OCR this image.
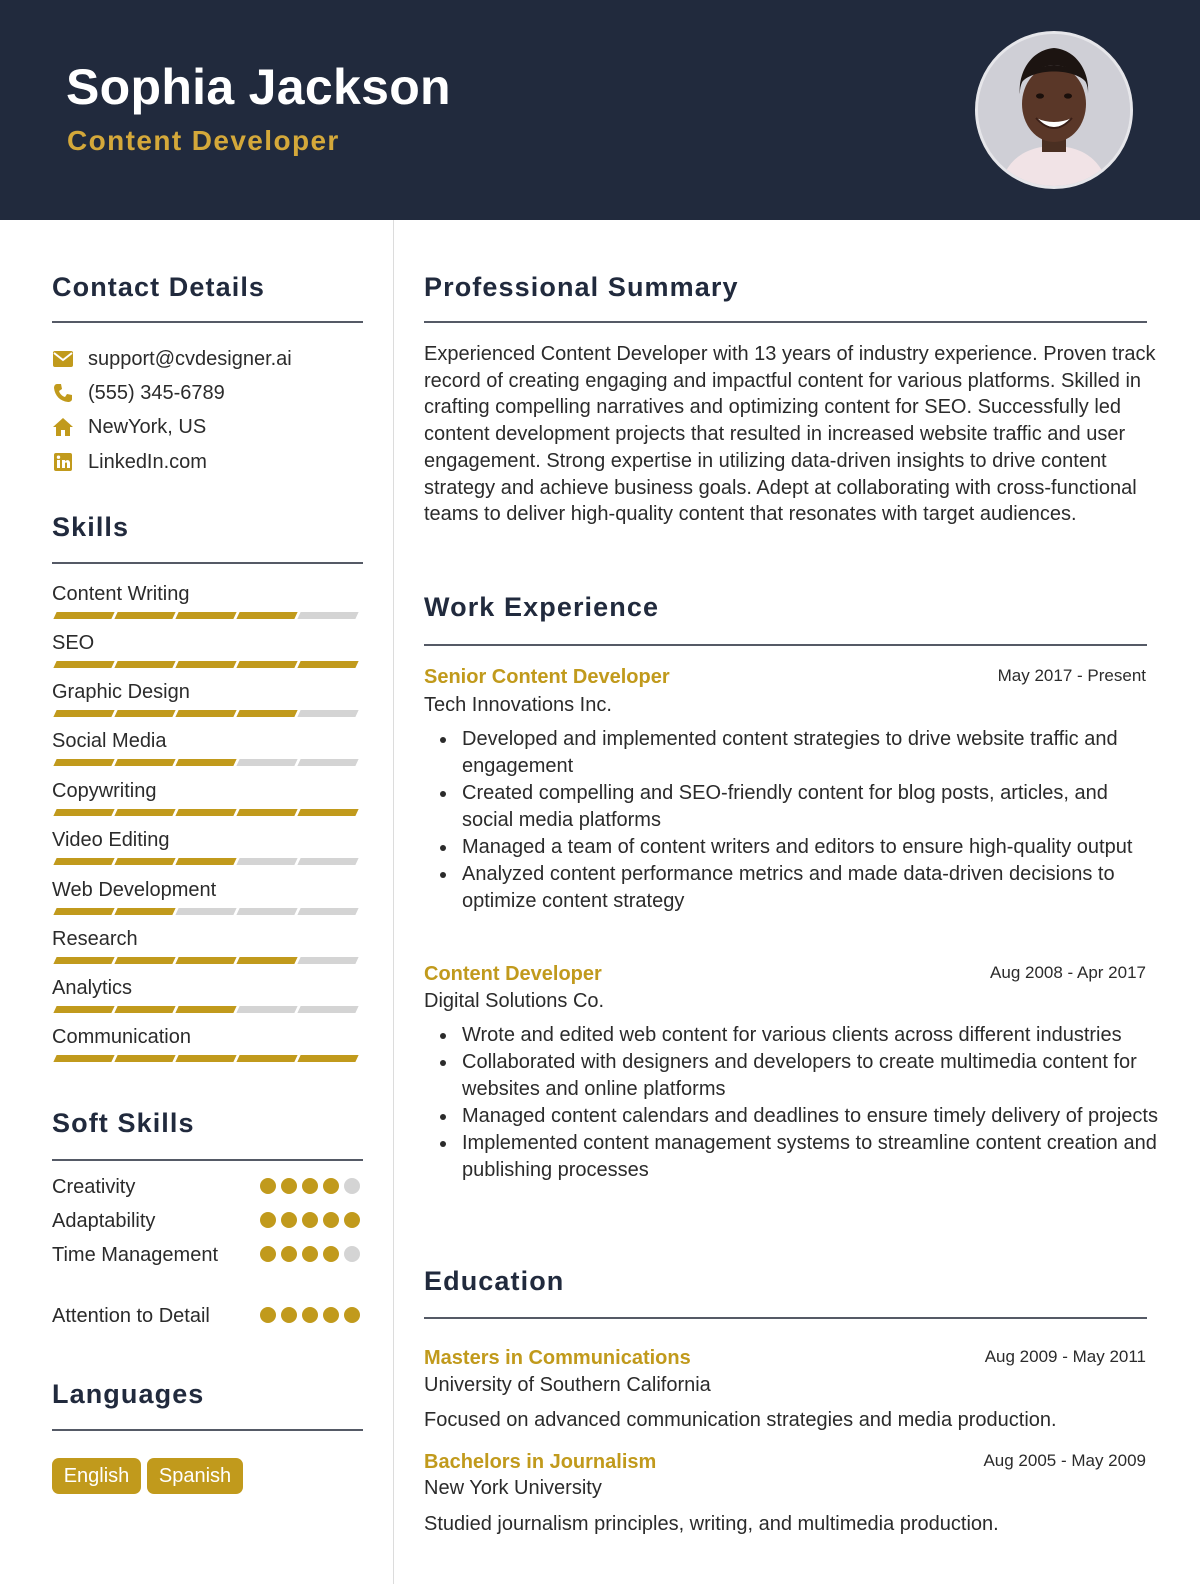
Sophia Jackson
Content Developer
Contact Details
support@cvdesigner.ai
(555) 345-6789
NewYork, US
LinkedIn.com
Skills
Content Writing
SEO
Graphic Design
Social Media
Copywriting
Video Editing
Web Development
Research
Analytics
Communication
Soft Skills
Creativity
Adaptability
Time Management
Attention to Detail
Languages
English	Spanish
Professional Summary
Experienced Content Developer with 13 years of industry experience. Proven track record of creating engaging and impactful content for various platforms. Skilled in crafting compelling narratives and optimizing content for SEO. Successfully led content development projects that resulted in increased website traffic and user engagement. Strong expertise in utilizing data-driven insights to drive content strategy and achieve business goals. Adept at collaborating with cross-functional teams to deliver high-quality content that resonates with target audiences.
Work Experience
Senior Content Developer	May 2017 - Present
Tech Innovations Inc.
Developed and implemented content strategies to drive website traffic and engagement
Created compelling and SEO-friendly content for blog posts, articles, and social media platforms
Managed a team of content writers and editors to ensure high-quality output
Analyzed content performance metrics and made data-driven decisions to optimize content strategy
Content Developer	Aug 2008 - Apr 2017
Digital Solutions Co.
Wrote and edited web content for various clients across different industries
Collaborated with designers and developers to create multimedia content for websites and online platforms
Managed content calendars and deadlines to ensure timely delivery of projects
Implemented content management systems to streamline content creation and publishing processes
Education
Masters in Communications	Aug 2009 - May 2011
University of Southern California
Focused on advanced communication strategies and media production.
Bachelors in Journalism	Aug 2005 - May 2009
New York University
Studied journalism principles, writing, and multimedia production.
